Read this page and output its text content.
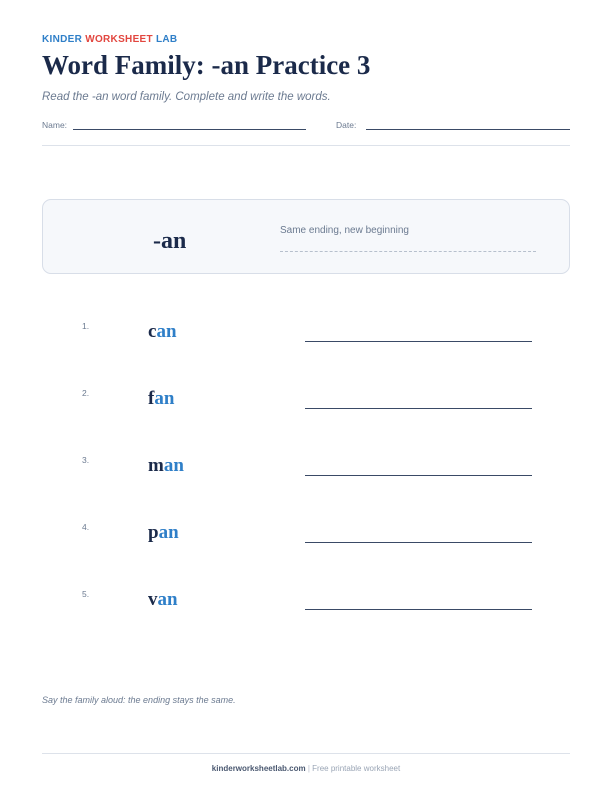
KINDER WORKSHEET LAB
Word Family: -an Practice 3
Read the -an word family. Complete and write the words.
Name:	Date:
-an	Same ending, new beginning
1.	can
2.	fan
3.	man
4.	pan
5.	van
Say the family aloud: the ending stays the same.
kinderworksheetlab.com | Free printable worksheet
